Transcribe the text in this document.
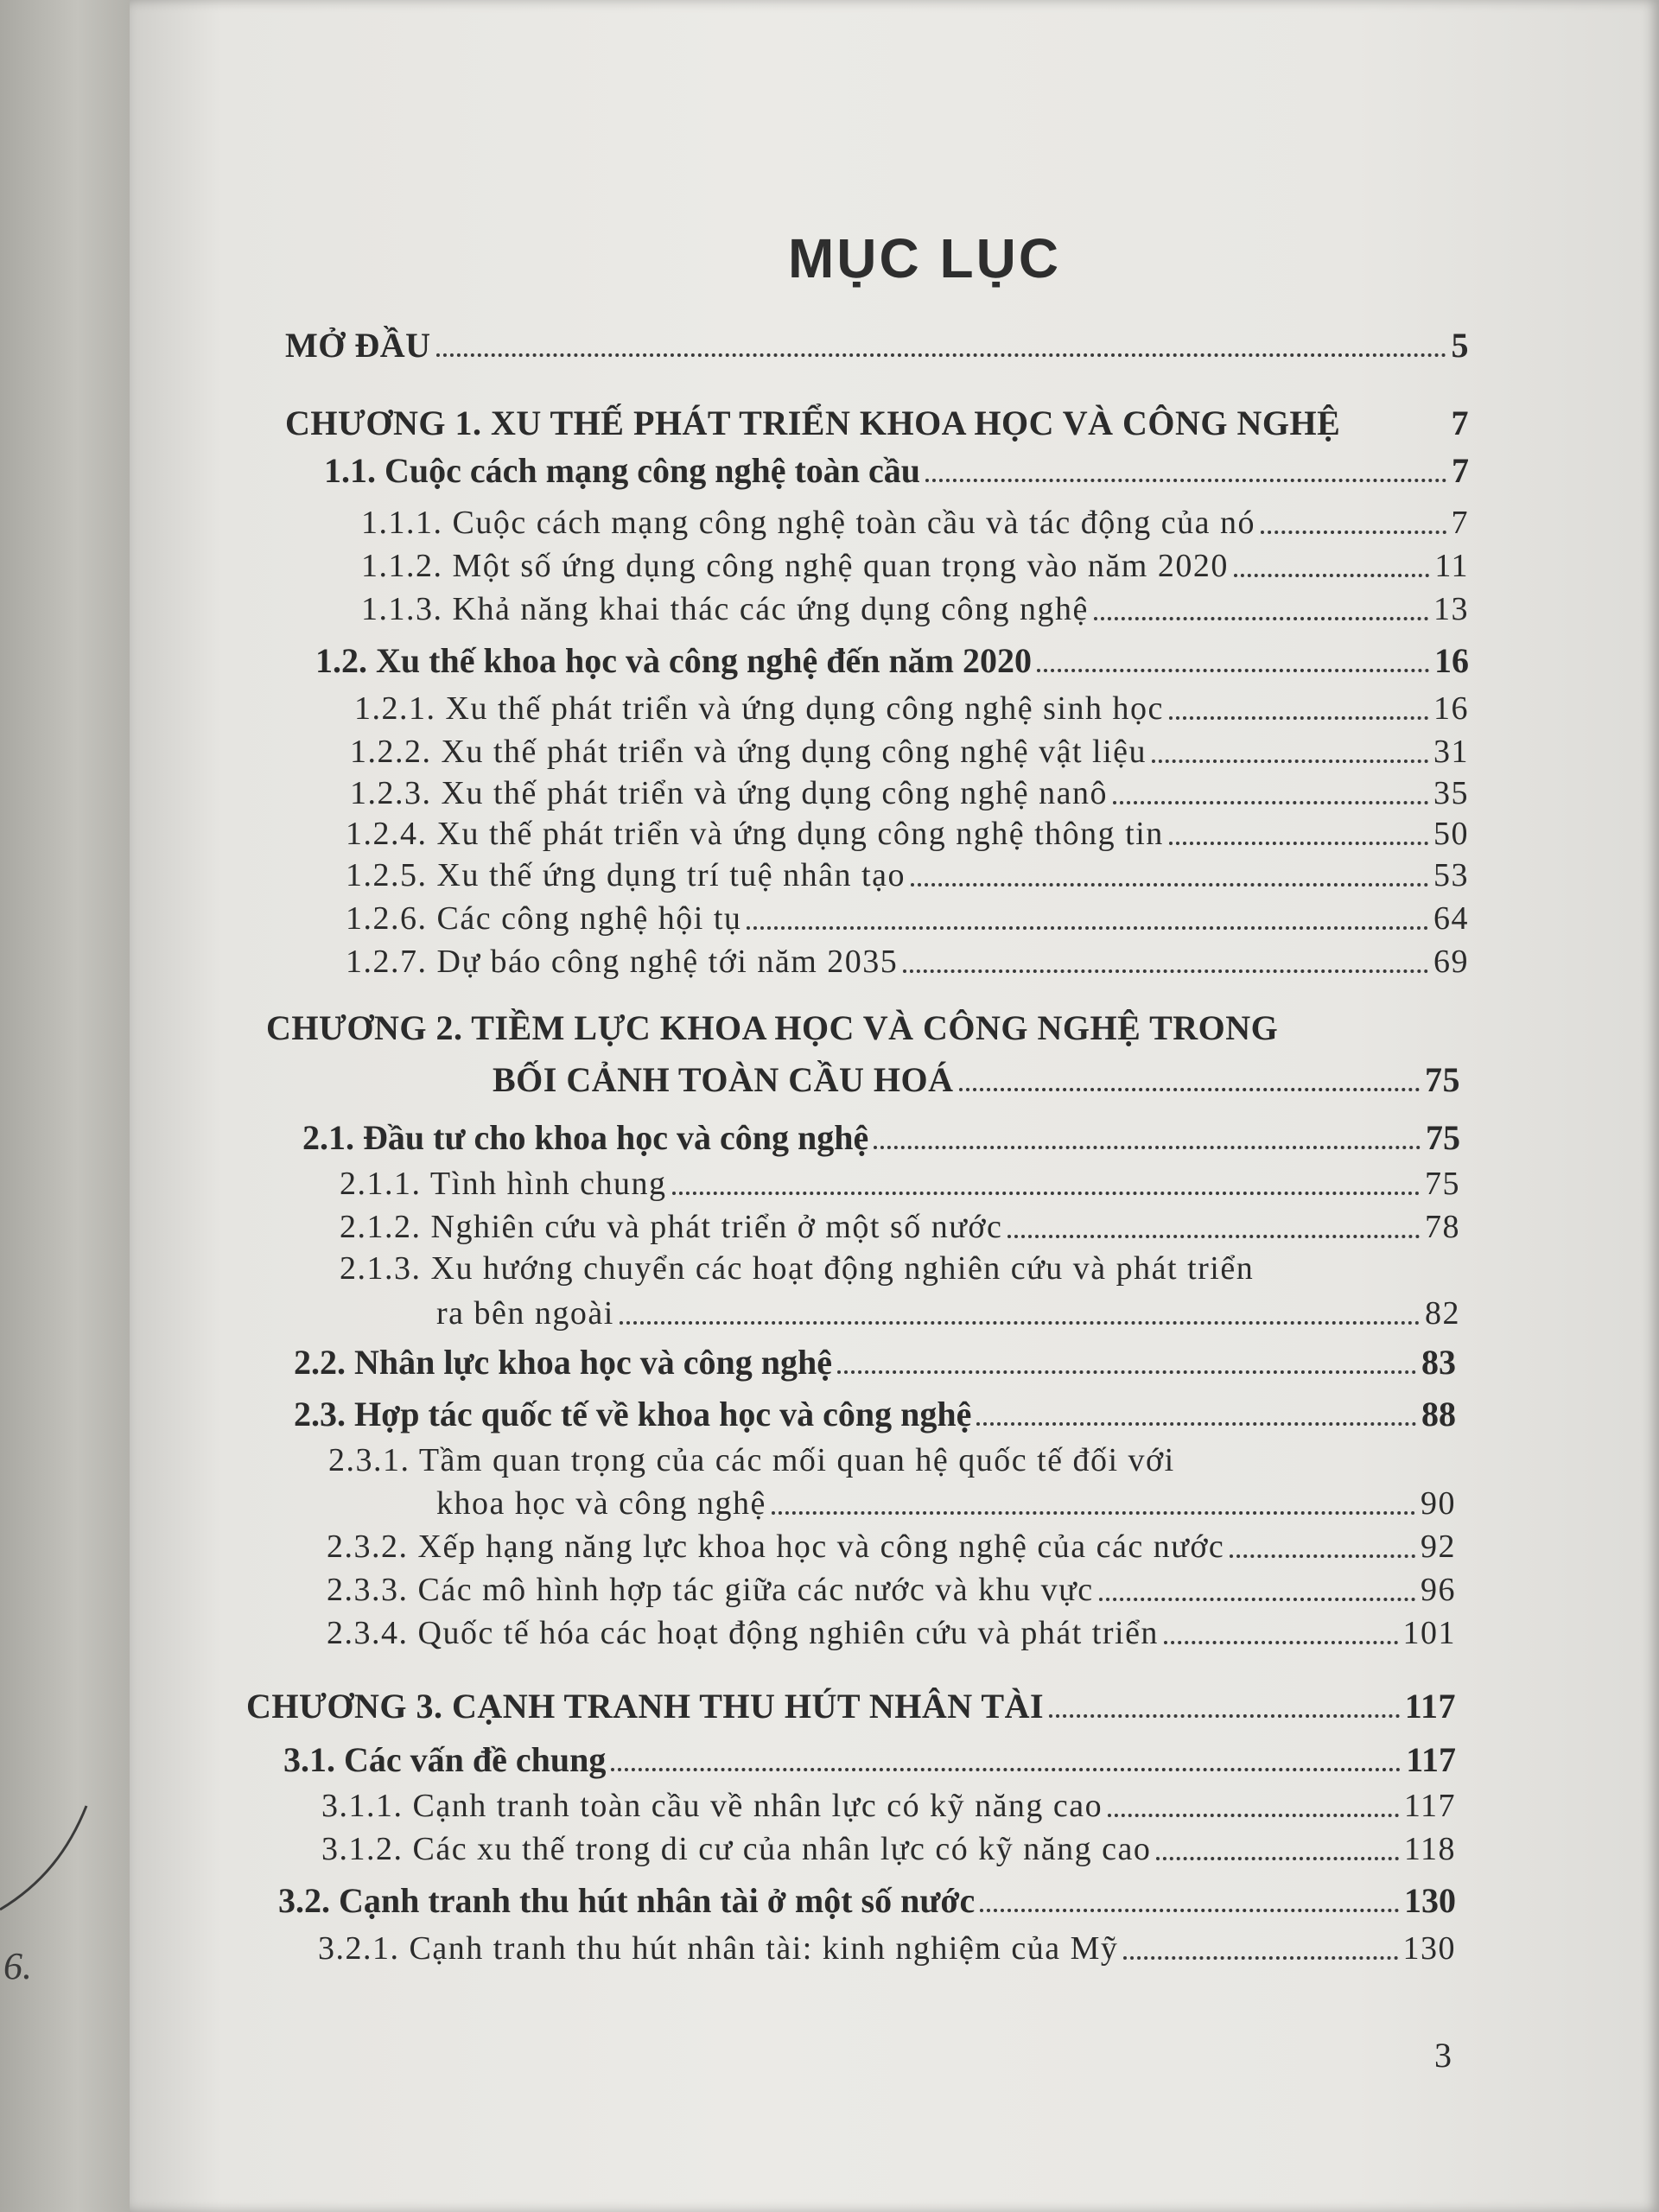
6.
MỤC LỤC
MỞ ĐẦU	5
CHƯƠNG 1. XU THẾ PHÁT TRIỂN KHOA HỌC VÀ CÔNG NGHỆ	7
1.1. Cuộc cách mạng công nghệ toàn cầu	7
1.1.1. Cuộc cách mạng công nghệ toàn cầu và tác động của nó	7
1.1.2. Một số ứng dụng công nghệ quan trọng vào năm 2020	11
1.1.3. Khả năng khai thác các ứng dụng công nghệ	13
1.2. Xu thế khoa học và công nghệ đến năm 2020	16
1.2.1. Xu thế phát triển và ứng dụng công nghệ sinh học	16
1.2.2. Xu thế phát triển và ứng dụng công nghệ vật liệu	31
1.2.3. Xu thế phát triển và ứng dụng công nghệ nanô	35
1.2.4. Xu thế phát triển và ứng dụng công nghệ thông tin	50
1.2.5. Xu thế ứng dụng trí tuệ nhân tạo	53
1.2.6. Các công nghệ hội tụ	64
1.2.7. Dự báo công nghệ tới năm 2035	69
CHƯƠNG 2. TIỀM LỰC KHOA HỌC VÀ CÔNG NGHỆ TRONG
BỐI CẢNH TOÀN CẦU HOÁ	75
2.1. Đầu tư cho khoa học và công nghệ	75
2.1.1. Tình hình chung	75
2.1.2. Nghiên cứu và phát triển ở một số nước	78
2.1.3. Xu hướng chuyển các hoạt động nghiên cứu và phát triển
ra bên ngoài	82
2.2. Nhân lực khoa học và công nghệ	83
2.3. Hợp tác quốc tế về khoa học và công nghệ	88
2.3.1. Tầm quan trọng của các mối quan hệ quốc tế đối với
khoa học và công nghệ	90
2.3.2. Xếp hạng năng lực khoa học và công nghệ của các nước	92
2.3.3. Các mô hình hợp tác giữa các nước và khu vực	96
2.3.4. Quốc tế hóa các hoạt động nghiên cứu và phát triển	101
CHƯƠNG 3. CẠNH TRANH THU HÚT NHÂN TÀI	117
3.1. Các vấn đề chung	117
3.1.1. Cạnh tranh toàn cầu về nhân lực có kỹ năng cao	117
3.1.2. Các xu thế trong di cư của nhân lực có kỹ năng cao	118
3.2. Cạnh tranh thu hút nhân tài ở một số nước	130
3.2.1. Cạnh tranh thu hút nhân tài: kinh nghiệm của Mỹ	130
3
